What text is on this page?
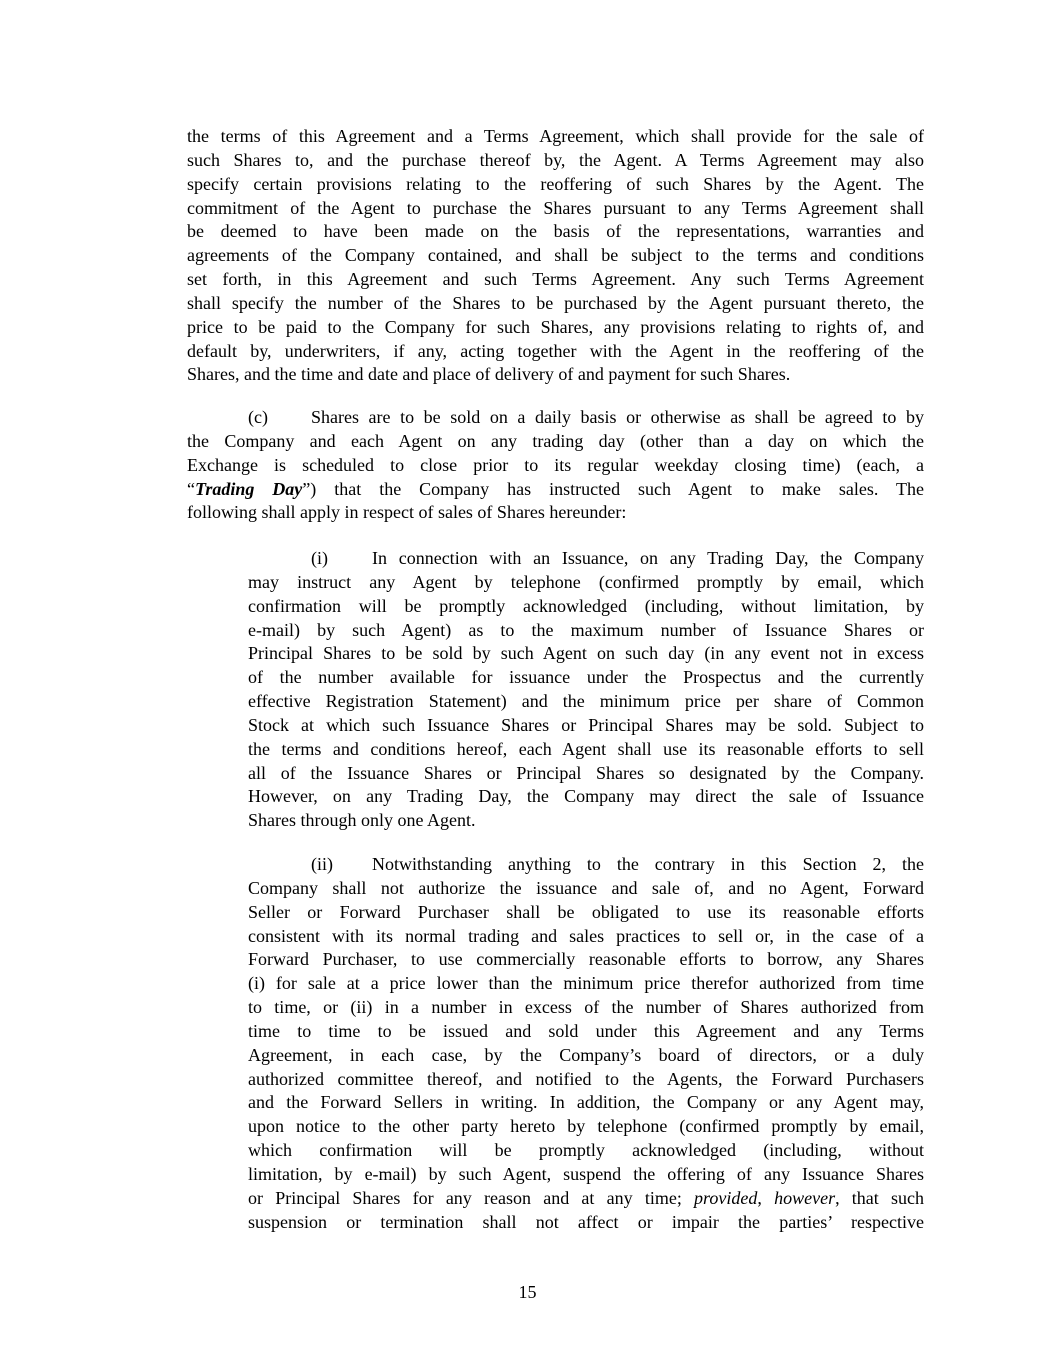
the terms of this Agreement and a Terms Agreement, which shall provide for the sale of
such Shares to, and the purchase thereof by, the Agent. A Terms Agreement may also
specify certain provisions relating to the reoffering of such Shares by the Agent. The
commitment of the Agent to purchase the Shares pursuant to any Terms Agreement shall
be deemed to have been made on the basis of the representations, warranties and
agreements of the Company contained, and shall be subject to the terms and conditions
set forth, in this Agreement and such Terms Agreement. Any such Terms Agreement
shall specify the number of the Shares to be purchased by the Agent pursuant thereto, the
price to be paid to the Company for such Shares, any provisions relating to rights of, and
default by, underwriters, if any, acting together with the Agent in the reoffering of the
Shares, and the time and date and place of delivery of and payment for such Shares.
(c) Shares are to be sold on a daily basis or otherwise as shall be agreed to by
the Company and each Agent on any trading day (other than a day on which the
Exchange is scheduled to close prior to its regular weekday closing time) (each, a
“Trading Day”) that the Company has instructed such Agent to make sales. The
following shall apply in respect of sales of Shares hereunder:
(i) In connection with an Issuance, on any Trading Day, the Company
may instruct any Agent by telephone (confirmed promptly by email, which
confirmation will be promptly acknowledged (including, without limitation, by
e-mail) by such Agent) as to the maximum number of Issuance Shares or
Principal Shares to be sold by such Agent on such day (in any event not in excess
of the number available for issuance under the Prospectus and the currently
effective Registration Statement) and the minimum price per share of Common
Stock at which such Issuance Shares or Principal Shares may be sold. Subject to
the terms and conditions hereof, each Agent shall use its reasonable efforts to sell
all of the Issuance Shares or Principal Shares so designated by the Company.
However, on any Trading Day, the Company may direct the sale of Issuance
Shares through only one Agent.
(ii) Notwithstanding anything to the contrary in this Section 2, the
Company shall not authorize the issuance and sale of, and no Agent, Forward
Seller or Forward Purchaser shall be obligated to use its reasonable efforts
consistent with its normal trading and sales practices to sell or, in the case of a
Forward Purchaser, to use commercially reasonable efforts to borrow, any Shares
(i) for sale at a price lower than the minimum price therefor authorized from time
to time, or (ii) in a number in excess of the number of Shares authorized from
time to time to be issued and sold under this Agreement and any Terms
Agreement, in each case, by the Company’s board of directors, or a duly
authorized committee thereof, and notified to the Agents, the Forward Purchasers
and the Forward Sellers in writing. In addition, the Company or any Agent may,
upon notice to the other party hereto by telephone (confirmed promptly by email,
which confirmation will be promptly acknowledged (including, without
limitation, by e-mail) by such Agent, suspend the offering of any Issuance Shares
or Principal Shares for any reason and at any time; provided, however, that such
suspension or termination shall not affect or impair the parties’ respective
15
